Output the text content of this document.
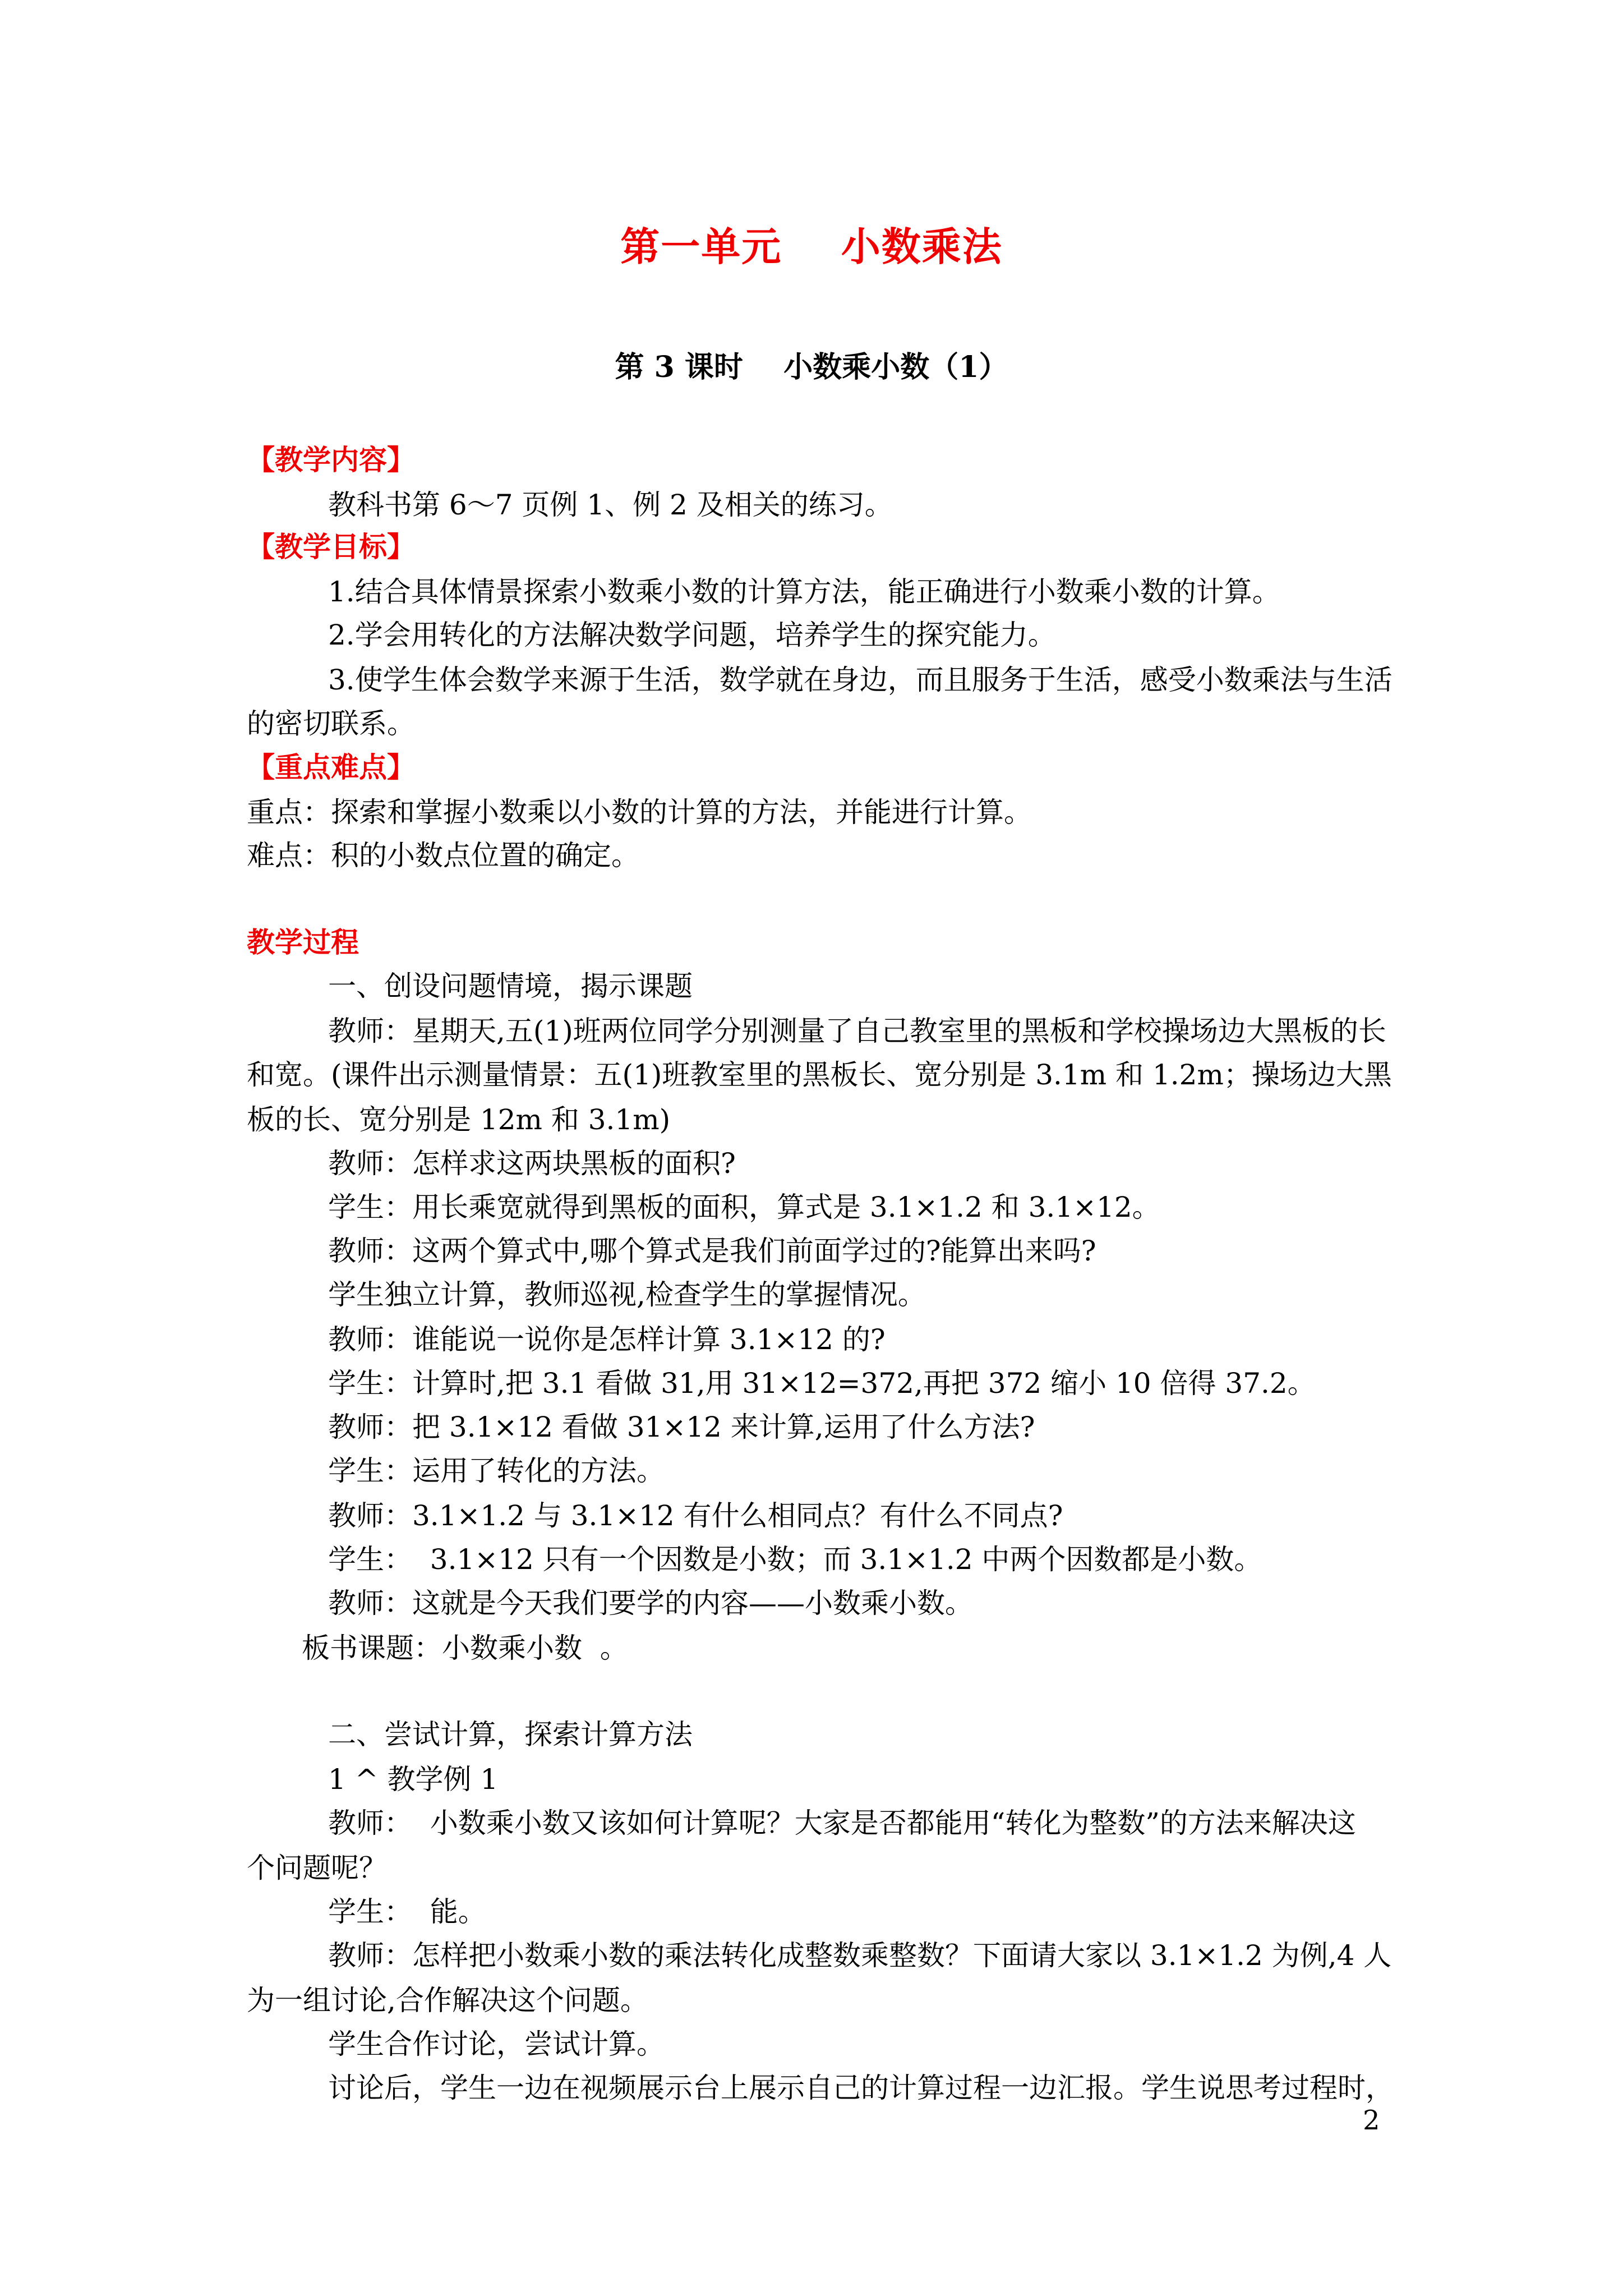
第一单元    小数乘法
第 3 课时    小数乘小数（1）
【教学内容】
教科书第 6～7 页例 1、例 2 及相关的练习。
【教学目标】
1.结合具体情景探索小数乘小数的计算方法，能正确进行小数乘小数的计算。
2.学会用转化的方法解决数学问题，培养学生的探究能力。
3.使学生体会数学来源于生活，数学就在身边，而且服务于生活，感受小数乘法与生活
的密切联系。
【重点难点】
重点：探索和掌握小数乘以小数的计算的方法，并能进行计算。
难点：积的小数点位置的确定。
教学过程
一、创设问题情境，揭示课题
教师：星期天,五(1)班两位同学分别测量了自己教室里的黑板和学校操场边大黑板的长
和宽。(课件出示测量情景：五(1)班教室里的黑板长、宽分别是 3.1m 和 1.2m；操场边大黑
板的长、宽分别是 12m 和 3.1m)
教师：怎样求这两块黑板的面积?
学生：用长乘宽就得到黑板的面积，算式是 3.1×1.2 和 3.1×12。
教师：这两个算式中,哪个算式是我们前面学过的?能算出来吗?
学生独立计算，教师巡视,检查学生的掌握情况。
教师：谁能说一说你是怎样计算 3.1×12 的?
学生：计算时,把 3.1 看做 31,用 31×12=372,再把 372 缩小 10 倍得 37.2。
教师：把 3.1×12 看做 31×12 来计算,运用了什么方法?
学生：运用了转化的方法。
教师：3.1×1.2 与 3.1×12 有什么相同点？有什么不同点?
学生：  3.1×12 只有一个因数是小数；而 3.1×1.2 中两个因数都是小数。
教师：这就是今天我们要学的内容——小数乘小数。
板书课题：小数乘小数  。
二、尝试计算，探索计算方法
1 ^ 教学例 1
教师：  小数乘小数又该如何计算呢？大家是否都能用“转化为整数”的方法来解决这
个问题呢？
学生：  能。
教师：怎样把小数乘小数的乘法转化成整数乘整数？下面请大家以 3.1×1.2 为例,4 人
为一组讨论,合作解决这个问题。
学生合作讨论，尝试计算。
讨论后，学生一边在视频展示台上展示自己的计算过程一边汇报。学生说思考过程时，
2
